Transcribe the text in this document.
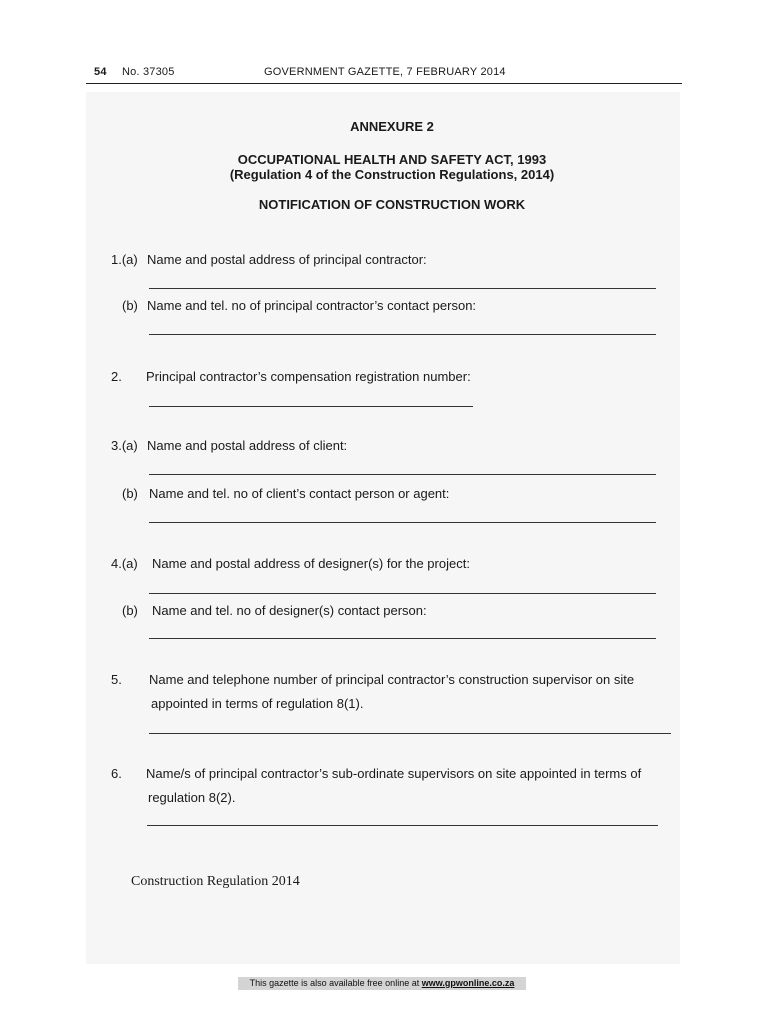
54 No. 37305	GOVERNMENT GAZETTE, 7 FEBRUARY 2014
ANNEXURE 2
OCCUPATIONAL HEALTH AND SAFETY ACT, 1993
(Regulation 4 of the Construction Regulations, 2014)
NOTIFICATION OF CONSTRUCTION WORK
1.(a) Name and postal address of principal contractor:
(b) Name and tel. no of principal contractor’s contact person:
2. Principal contractor’s compensation registration number:
3.(a) Name and postal address of client:
(b) Name and tel. no of client’s contact person or agent:
4.(a) Name and postal address of designer(s) for the project:
(b) Name and tel. no of designer(s) contact person:
5. Name and telephone number of principal contractor’s construction supervisor on site
appointed in terms of regulation 8(1).
6. Name/s of principal contractor’s sub-ordinate supervisors on site appointed in terms of
regulation 8(2).
Construction Regulation 2014
This gazette is also available free online at www.gpwonline.co.za
